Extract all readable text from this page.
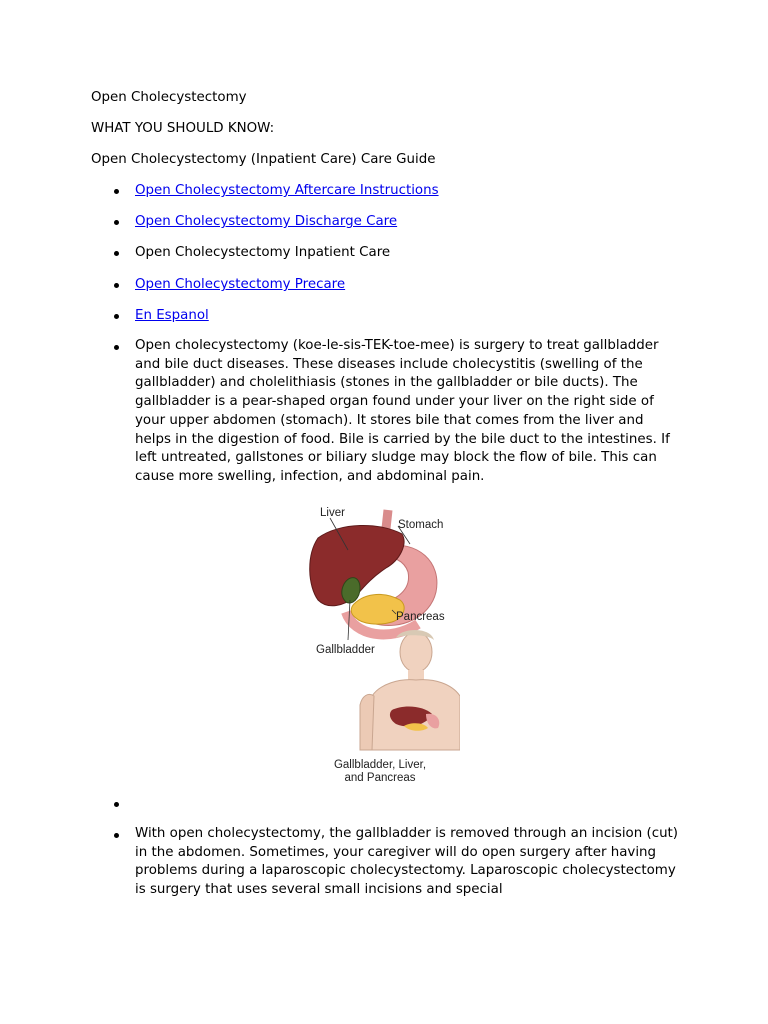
Open Cholecystectomy
WHAT YOU SHOULD KNOW:
Open Cholecystectomy (Inpatient Care) Care Guide
Open Cholecystectomy Aftercare Instructions
Open Cholecystectomy Discharge Care
Open Cholecystectomy Inpatient Care
Open Cholecystectomy Precare
En Espanol
Open cholecystectomy (koe-le-sis-TEK-toe-mee) is surgery to treat gallbladder and bile duct diseases. These diseases include cholecystitis (swelling of the gallbladder) and cholelithiasis (stones in the gallbladder or bile ducts). The gallbladder is a pear-shaped organ found under your liver on the right side of your upper abdomen (stomach). It stores bile that comes from the liver and helps in the digestion of food. Bile is carried by the bile duct to the intestines. If left untreated, gallstones or biliary sludge may block the flow of bile. This can cause more swelling, infection, and abdominal pain.
Liver
Stomach
Pancreas
Gallbladder
Gallbladder, Liver,
and Pancreas
With open cholecystectomy, the gallbladder is removed through an incision (cut) in the abdomen. Sometimes, your caregiver will do open surgery after having problems during a laparoscopic cholecystectomy. Laparoscopic cholecystectomy is surgery that uses several small incisions and special
